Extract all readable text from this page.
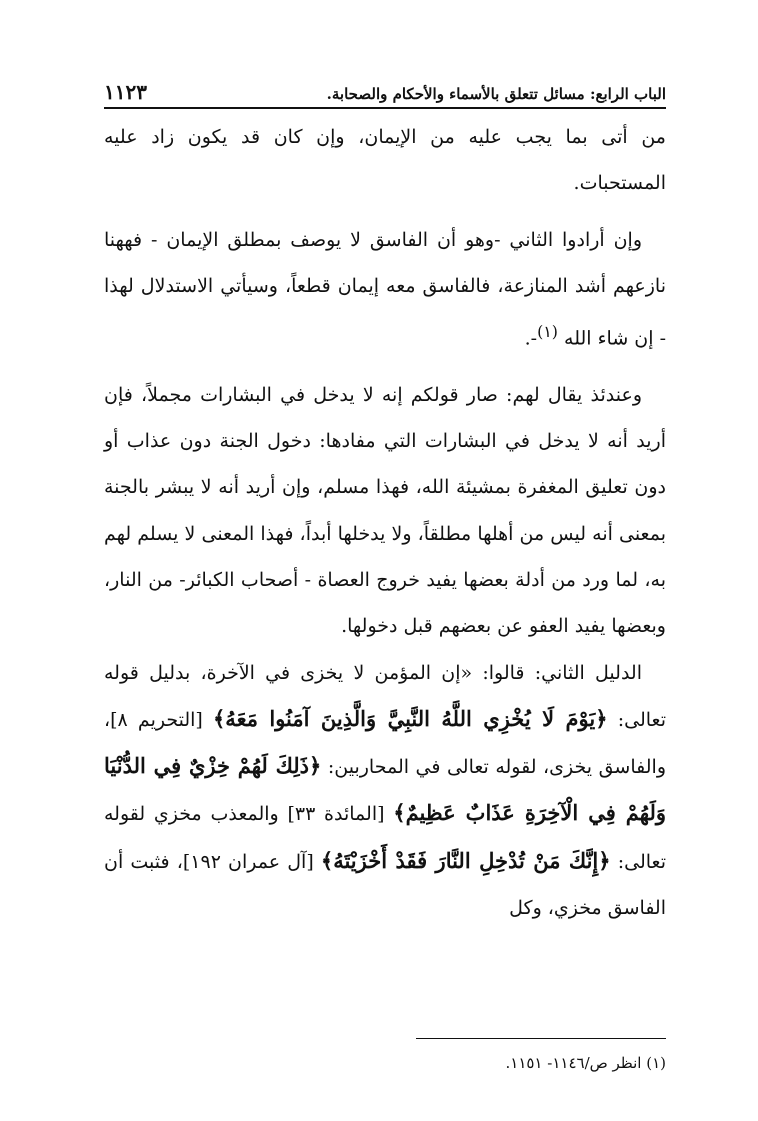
الباب الرابع: مسائل تتعلق بالأسماء والأحكام والصحابة.
١١٢٣

من أتى بما يجب عليه من الإيمان، وإن كان قد يكون زاد عليه المستحبات.

وإن أرادوا الثاني -وهو أن الفاسق لا يوصف بمطلق الإيمان - فههنا نازعهم أشد المنازعة، فالفاسق معه إيمان قطعاً، وسيأتي الاستدلال لهذا - إن شاء الله $^{(١)}$-.

وعندئذ يقال لهم: صار قولكم إنه لا يدخل في البشارات مجملاً، فإن أريد أنه لا يدخل في البشارات التي مفادها: دخول الجنة دون عذاب أو دون تعليق المغفرة بمشيئة الله، فهذا مسلم، وإن أريد أنه لا يبشر بالجنة بمعنى أنه ليس من أهلها مطلقاً، ولا يدخلها أبداً، فهذا المعنى لا يسلم لهم به، لما ورد من أدلة بعضها يفيد خروج العصاة - أصحاب الكبائر- من النار، وبعضها يفيد العفو عن بعضهم قبل دخولها.

الدليل الثاني: قالوا: «إن المؤمن لا يخزى في الآخرة، بدليل قوله تعالى: ﴿يَوْمَ لَا يُخْزِي اللَّهُ النَّبِيَّ وَالَّذِينَ آمَنُوا مَعَهُ﴾ [التحريم ٨]، والفاسق يخزى، لقوله تعالى في المحاربين: ﴿ذَلِكَ لَهُمْ خِزْيٌ فِي الدُّنْيَا وَلَهُمْ فِي الْآخِرَةِ عَذَابٌ عَظِيمٌ﴾ [المائدة ٣٣] والمعذب مخزي لقوله تعالى: ﴿إِنَّكَ مَنْ تُدْخِلِ النَّارَ فَقَدْ أَخْزَيْتَهُ﴾ [آل عمران ١٩٢]، فثبت أن الفاسق مخزي، وكل

(١) انظر ص/١١٤٦- ١١٥١.
